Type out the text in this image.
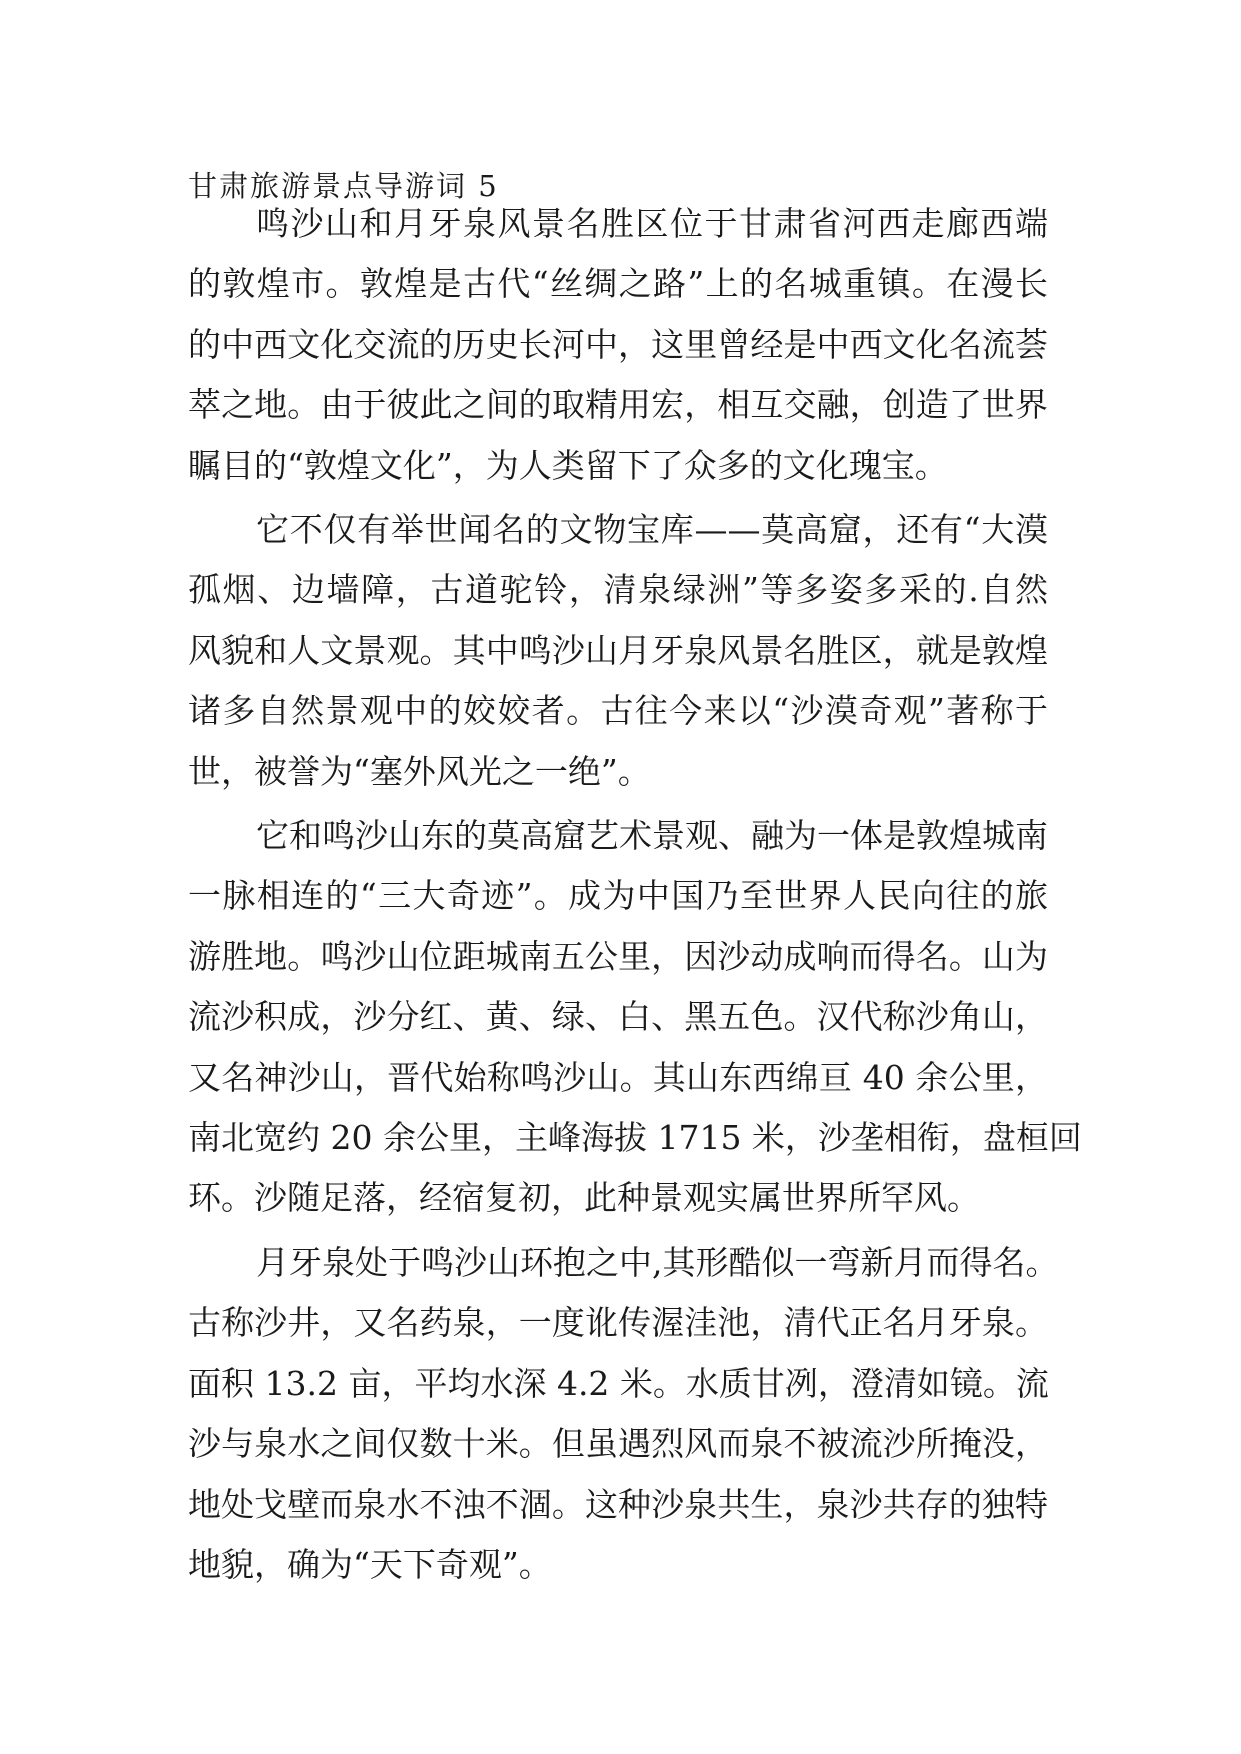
甘肃旅游景点导游词 5
鸣沙山和月牙泉风景名胜区位于甘肃省河西走廊西端
的敦煌市。敦煌是古代“丝绸之路”上的名城重镇。在漫长
的中西文化交流的历史长河中，这里曾经是中西文化名流荟
萃之地。由于彼此之间的取精用宏，相互交融，创造了世界
瞩目的“敦煌文化”，为人类留下了众多的文化瑰宝。
它不仅有举世闻名的文物宝库——莫高窟，还有“大漠
孤烟、边墙障，古道驼铃，清泉绿洲”等多姿多采的.自然
风貌和人文景观。其中鸣沙山月牙泉风景名胜区，就是敦煌
诸多自然景观中的姣姣者。古往今来以“沙漠奇观”著称于
世，被誉为“塞外风光之一绝”。
它和鸣沙山东的莫高窟艺术景观、融为一体是敦煌城南
一脉相连的“三大奇迹”。成为中国乃至世界人民向往的旅
游胜地。鸣沙山位距城南五公里，因沙动成响而得名。山为
流沙积成，沙分红、黄、绿、白、黑五色。汉代称沙角山，
又名神沙山，晋代始称鸣沙山。其山东西绵亘 40 余公里，
南北宽约 20 余公里，主峰海拔 1715 米，沙垄相衔，盘桓回
环。沙随足落，经宿复初，此种景观实属世界所罕风。
月牙泉处于鸣沙山环抱之中,其形酷似一弯新月而得名。
古称沙井，又名药泉，一度讹传渥洼池，清代正名月牙泉。
面积 13.2 亩，平均水深 4.2 米。水质甘冽，澄清如镜。流
沙与泉水之间仅数十米。但虽遇烈风而泉不被流沙所掩没，
地处戈壁而泉水不浊不涸。这种沙泉共生，泉沙共存的独特
地貌，确为“天下奇观”。
